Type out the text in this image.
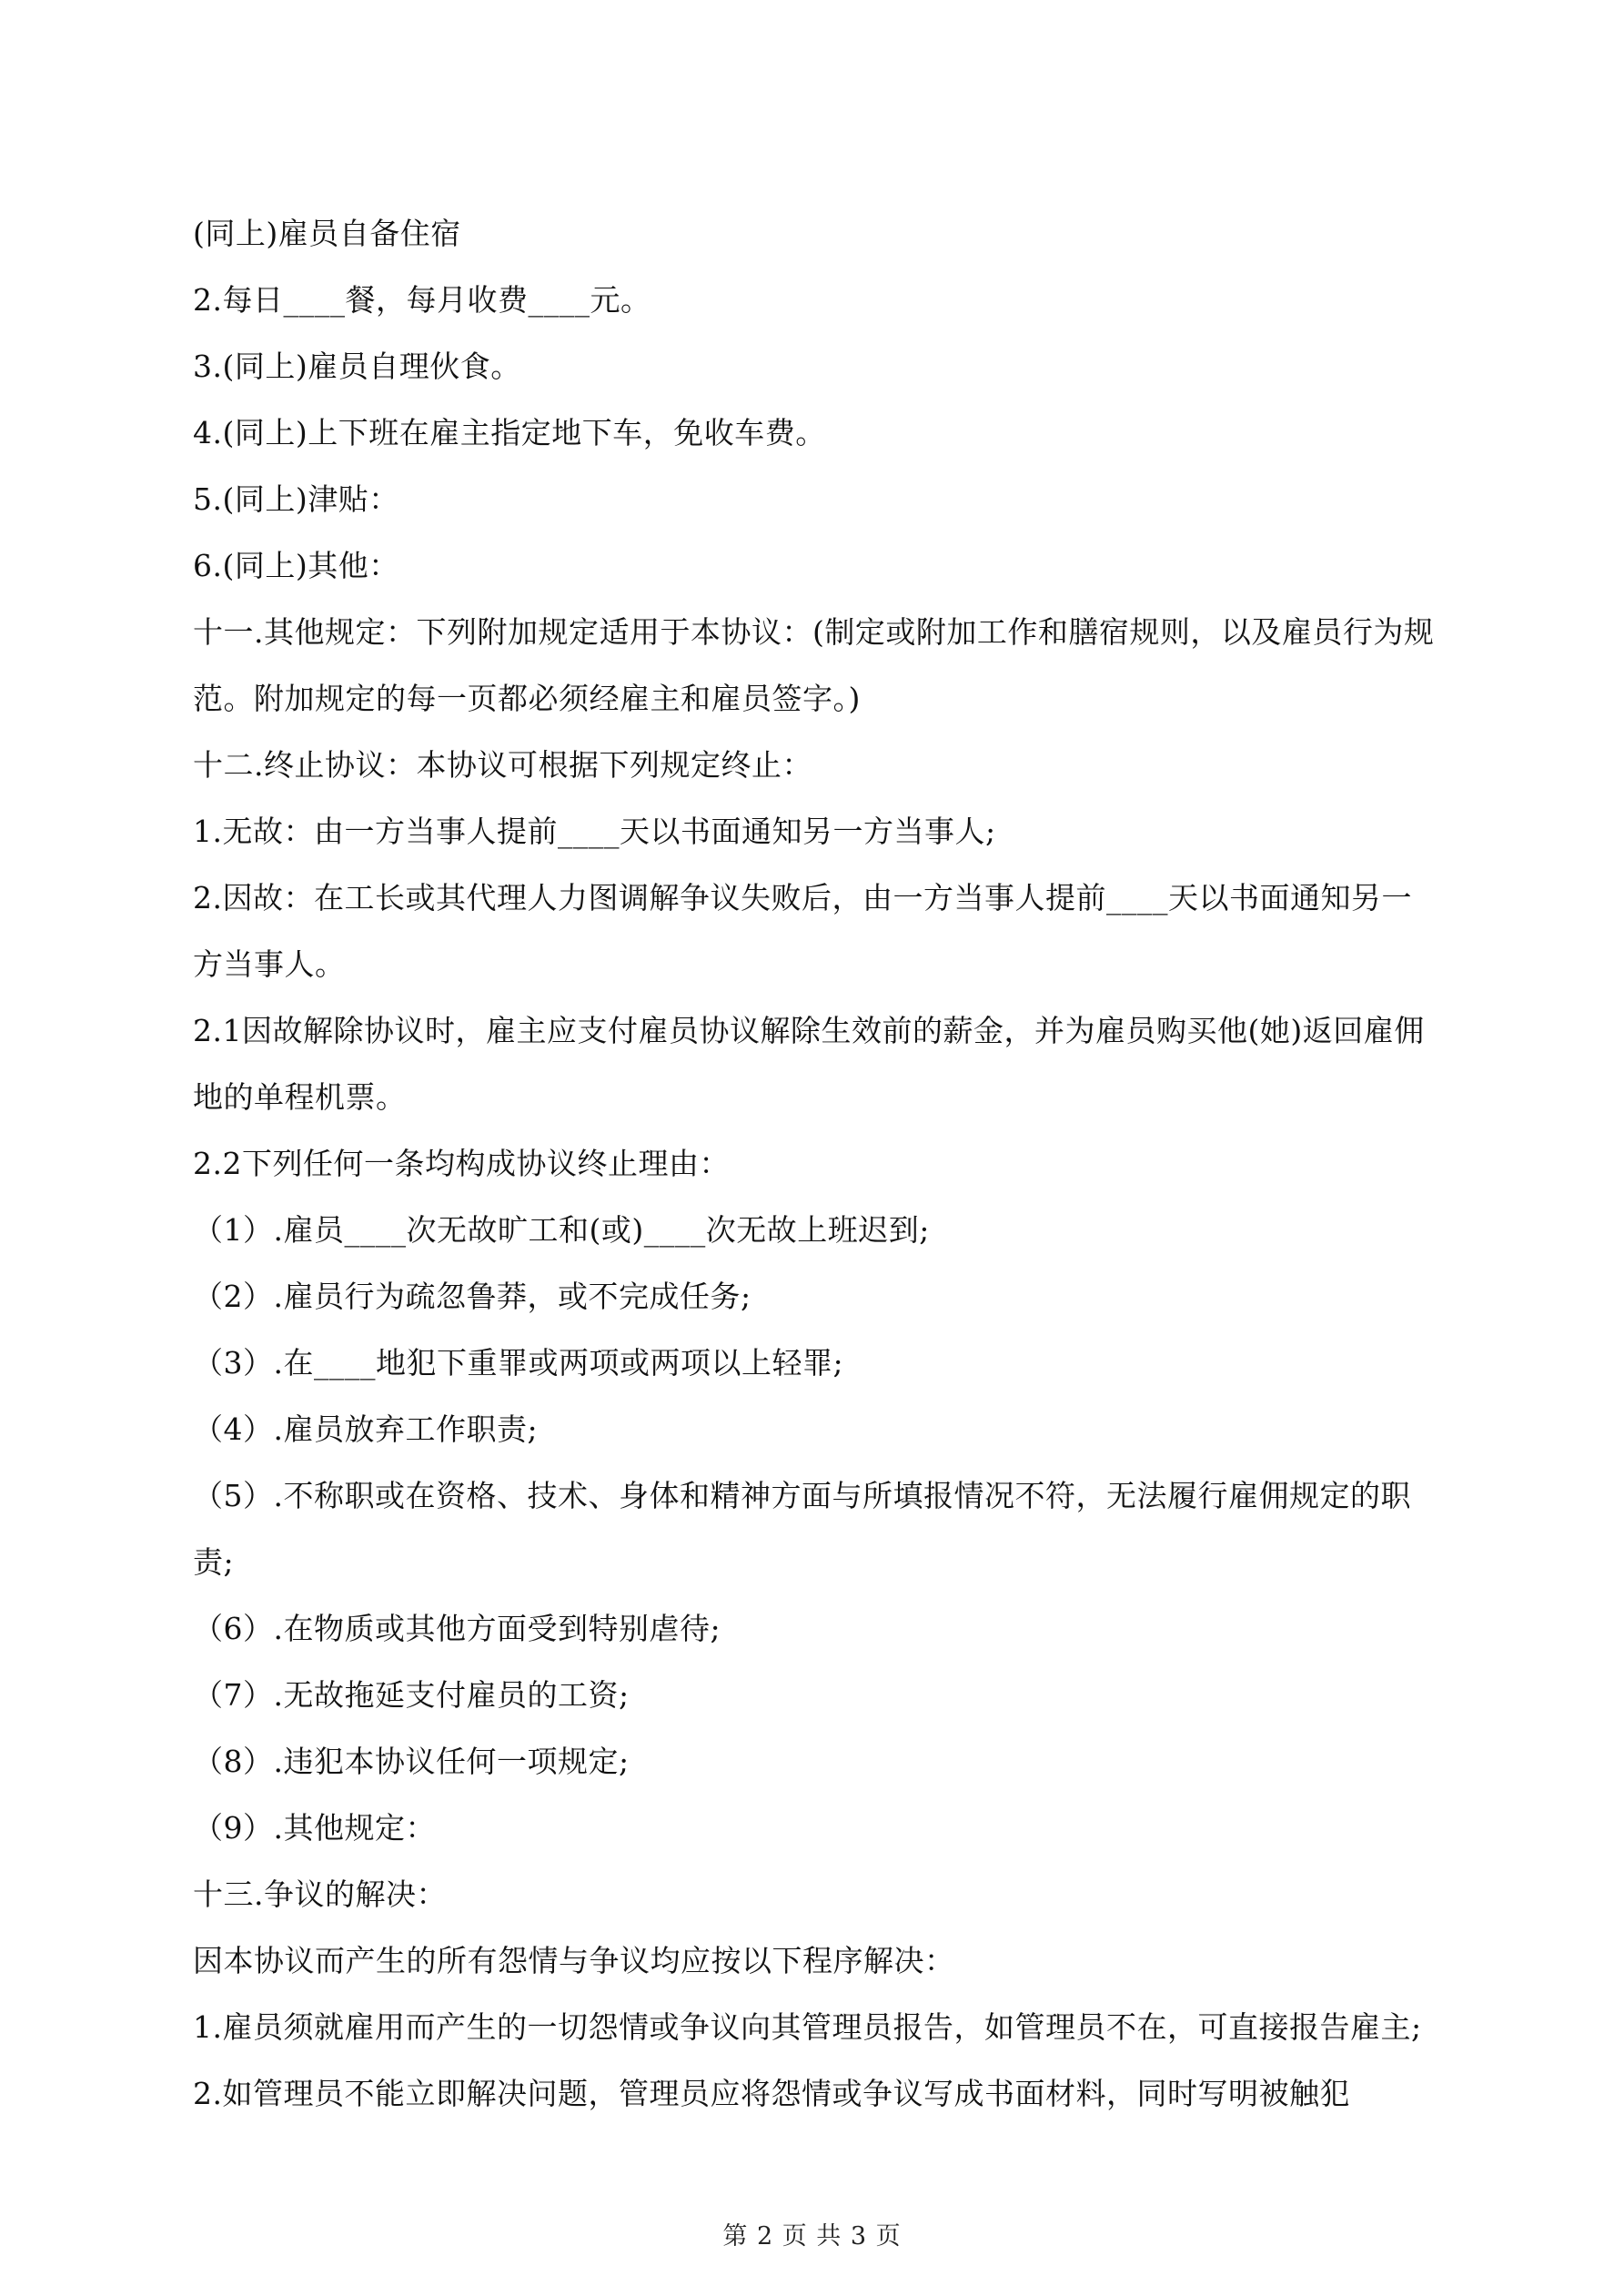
(同上)雇员自备住宿

2.每日____餐，每月收费____元。

3.(同上)雇员自理伙食。

4.(同上)上下班在雇主指定地下车，免收车费。

5.(同上)津贴：

6.(同上)其他：

十一.其他规定：下列附加规定适用于本协议：(制定或附加工作和膳宿规则，以及雇员行为规范。附加规定的每一页都必须经雇主和雇员签字。)

十二.终止协议：本协议可根据下列规定终止：

1.无故：由一方当事人提前____天以书面通知另一方当事人;

2.因故：在工长或其代理人力图调解争议失败后，由一方当事人提前____天以书面通知另一方当事人。

2.1因故解除协议时，雇主应支付雇员协议解除生效前的薪金，并为雇员购买他(她)返回雇佣地的单程机票。

2.2下列任何一条均构成协议终止理由：

（1）.雇员____次无故旷工和(或)____次无故上班迟到;

（2）.雇员行为疏忽鲁莽，或不完成任务;

（3）.在____地犯下重罪或两项或两项以上轻罪;

（4）.雇员放弃工作职责;

（5）.不称职或在资格、技术、身体和精神方面与所填报情况不符，无法履行雇佣规定的职责;

（6）.在物质或其他方面受到特别虐待;

（7）.无故拖延支付雇员的工资;

（8）.违犯本协议任何一项规定;

（9）.其他规定：

十三.争议的解决：

因本协议而产生的所有怨情与争议均应按以下程序解决：

1.雇员须就雇用而产生的一切怨情或争议向其管理员报告，如管理员不在，可直接报告雇主;

2.如管理员不能立即解决问题，管理员应将怨情或争议写成书面材料，同时写明被触犯

第 2 页 共 3 页
